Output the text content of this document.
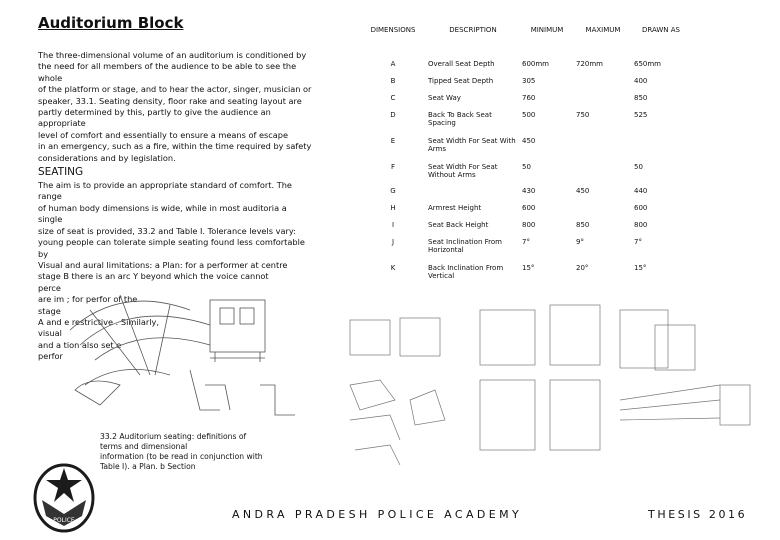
Auditorium Block

The three-dimensional volume of an auditorium is conditioned by
the need for all members of the audience to be able to see the
whole
of the platform or stage, and to hear the actor, singer, musician or
speaker, 33.1. Seating density, floor rake and seating layout are
partly determined by this, partly to give the audience an
appropriate
level of comfort and essentially to ensure a means of escape
in an emergency, such as a fire, within the time required by safety
considerations and by legislation.

SEATING

The aim is to provide an appropriate standard of comfort. The
range
of human body dimensions is wide, while in most auditoria a
single
size of seat is provided, 33.2 and Table I. Tolerance levels vary:
young people can tolerate simple seating found less comfortable
by

Visual and aural limitations: a Plan: for a performer at centre
stage B there is an arc Y beyond which the voice cannot
perce
are im ; for perfor of the
stage
A and e restrictive . Similarly,
visual
and a tion also set e
perfor

DIMENSIONS	DESCRIPTION	MINIMUM	MAXIMUM	DRAWN AS
A	Overall Seat Depth	600mm	720mm	650mm
B	Tipped Seat Depth	305		400
C	Seat Way	760		850
D	Back To Back Seat Spacing	500	750	525
E	Seat Width For Seat With Arms	450		
F	Seat Width For Seat Without Arms	50		50
G		430	450	440
H	Armrest Height	600		600
I	Seat Back Height	800	850	800
J	Seat Inclination From Horizontal	7°	9°	7°
K	Back Inclination From Vertical	15°	20°	15°
33.2 Auditorium seating: definitions of
terms and dimensional
information (to be read in conjunction with
Table I). a Plan. b Section
POLICE	ANDRA PRADESH POLICE ACADEMY	THESIS 2016
